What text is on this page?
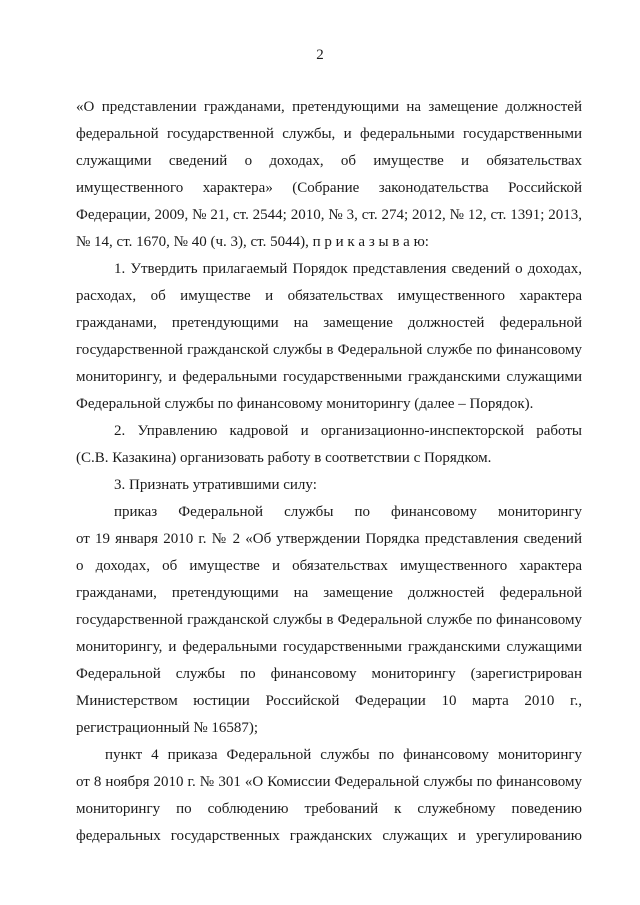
2
«О представлении гражданами, претендующими на замещение должностей
федеральной государственной службы, и федеральными государственными
служащими сведений о доходах, об имуществе и обязательствах
имущественного характера» (Собрание законодательства Российской
Федерации, 2009, № 21, ст. 2544; 2010, № 3, ст. 274; 2012, № 12, ст. 1391; 2013,
№ 14, ст. 1670, № 40 (ч. 3), ст. 5044), п р и к а з ы в а ю:
1. Утвердить прилагаемый Порядок представления сведений о доходах,
расходах, об имуществе и обязательствах имущественного характера
гражданами, претендующими на замещение должностей федеральной
государственной гражданской службы в Федеральной службе по финансовому
мониторингу, и федеральными государственными гражданскими служащими
Федеральной службы по финансовому мониторингу (далее – Порядок).
2. Управлению кадровой и организационно-инспекторской работы
(С.В. Казакина) организовать работу в соответствии с Порядком.
3. Признать утратившими силу:
приказ Федеральной службы по финансовому мониторингу
от 19 января 2010 г. № 2 «Об утверждении Порядка представления сведений
о доходах, об имуществе и обязательствах имущественного характера
гражданами, претендующими на замещение должностей федеральной
государственной гражданской службы в Федеральной службе по финансовому
мониторингу, и федеральными государственными гражданскими служащими
Федеральной службы по финансовому мониторингу (зарегистрирован
Министерством юстиции Российской Федерации 10 марта 2010 г.,
регистрационный № 16587);
пункт 4 приказа Федеральной службы по финансовому мониторингу
от 8 ноября 2010 г. № 301 «О Комиссии Федеральной службы по финансовому
мониторингу по соблюдению требований к служебному поведению
федеральных государственных гражданских служащих и урегулированию
